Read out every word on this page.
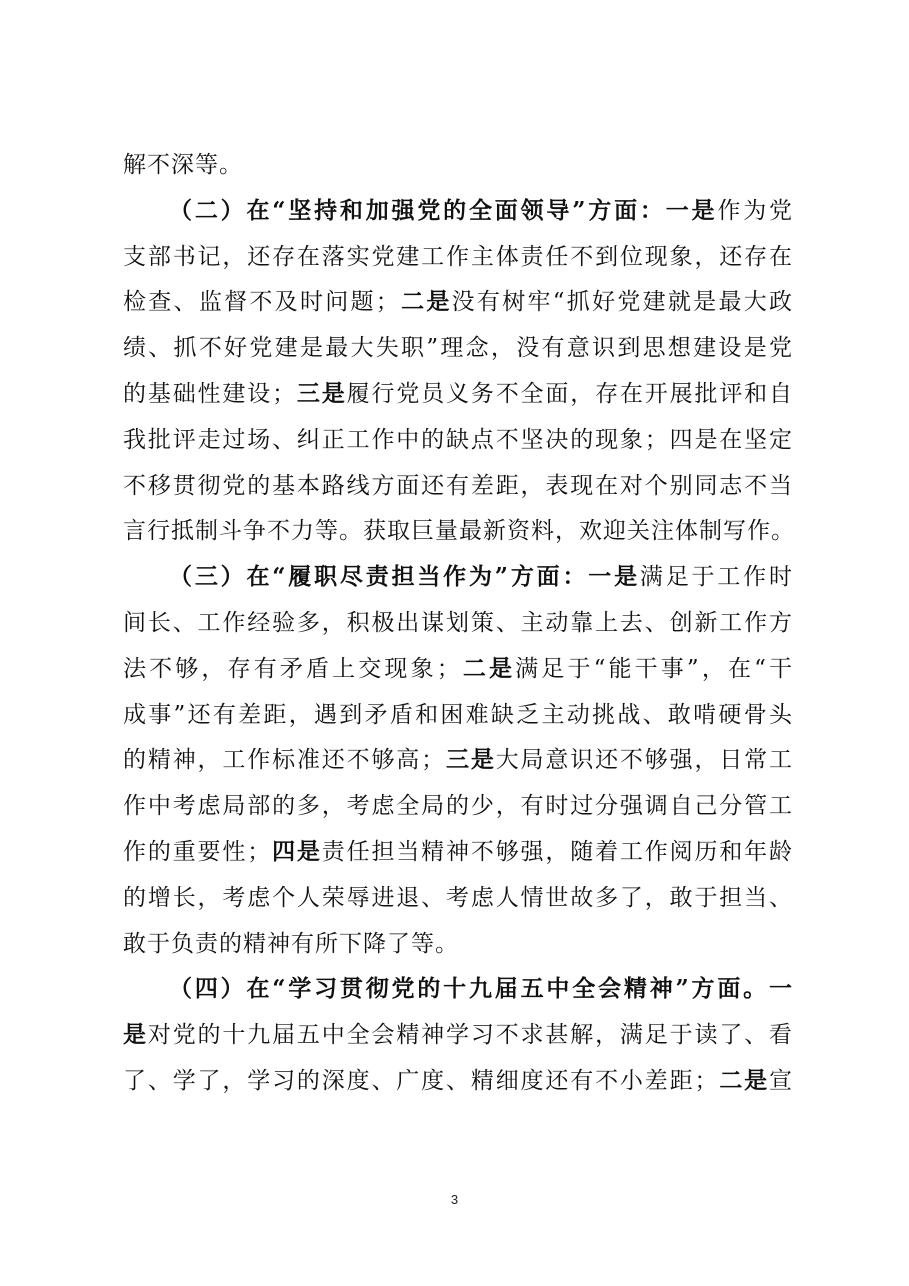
解不深等。
（二）在“坚持和加强党的全面领导”方面：一是作为党
支部书记，还存在落实党建工作主体责任不到位现象，还存在
检查、监督不及时问题；二是没有树牢“抓好党建就是最大政
绩、抓不好党建是最大失职”理念，没有意识到思想建设是党
的基础性建设；三是履行党员义务不全面，存在开展批评和自
我批评走过场、纠正工作中的缺点不坚决的现象；四是在坚定
不移贯彻党的基本路线方面还有差距，表现在对个别同志不当
言行抵制斗争不力等。获取巨量最新资料，欢迎关注体制写作。
（三）在“履职尽责担当作为”方面：一是满足于工作时
间长、工作经验多，积极出谋划策、主动靠上去、创新工作方
法不够，存有矛盾上交现象；二是满足于“能干事”，在“干
成事”还有差距，遇到矛盾和困难缺乏主动挑战、敢啃硬骨头
的精神，工作标准还不够高；三是大局意识还不够强，日常工
作中考虑局部的多，考虑全局的少，有时过分强调自己分管工
作的重要性；四是责任担当精神不够强，随着工作阅历和年龄
的增长，考虑个人荣辱进退、考虑人情世故多了，敢于担当、
敢于负责的精神有所下降了等。
（四）在“学习贯彻党的十九届五中全会精神”方面。一
是对党的十九届五中全会精神学习不求甚解，满足于读了、看
了、学了，学习的深度、广度、精细度还有不小差距；二是宣
3
